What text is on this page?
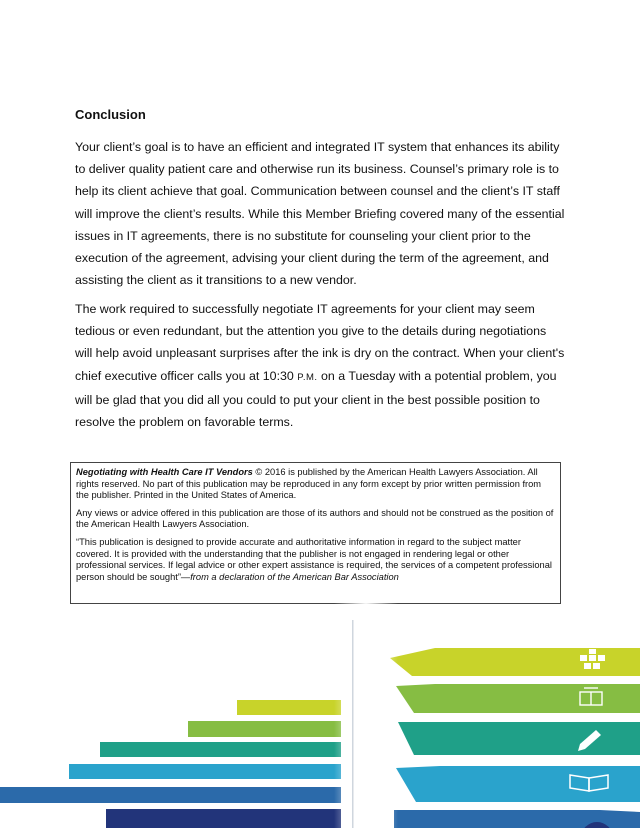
Conclusion

Your client’s goal is to have an efficient and integrated IT system that enhances its ability to deliver quality patient care and otherwise run its business. Counsel’s primary role is to help its client achieve that goal. Communication between counsel and the client’s IT staff will improve the client’s results. While this Member Briefing covered many of the essential issues in IT agreements, there is no substitute for counseling your client prior to the execution of the agreement, advising your client during the term of the agreement, and assisting the client as it transitions to a new vendor.

The work required to successfully negotiate IT agreements for your client may seem tedious or even redundant, but the attention you give to the details during negotiations will help avoid unpleasant surprises after the ink is dry on the contract. When your client's chief executive officer calls you at 10:30 P.M. on a Tuesday with a potential problem, you will be glad that you did all you could to put your client in the best possible position to resolve the problem on favorable terms.

Negotiating with Health Care IT Vendors © 2016 is published by the American Health Lawyers Association. All rights reserved. No part of this publication may be reproduced in any form except by prior written permission from the publisher. Printed in the United States of America.

Any views or advice offered in this publication are those of its authors and should not be construed as the position of the American Health Lawyers Association.

“This publication is designed to provide accurate and authoritative information in regard to the subject matter covered. It is provided with the understanding that the publisher is not engaged in rendering legal or other professional services. If legal advice or other expert assistance is required, the services of a competent professional person should be sought”—from a declaration of the American Bar Association
